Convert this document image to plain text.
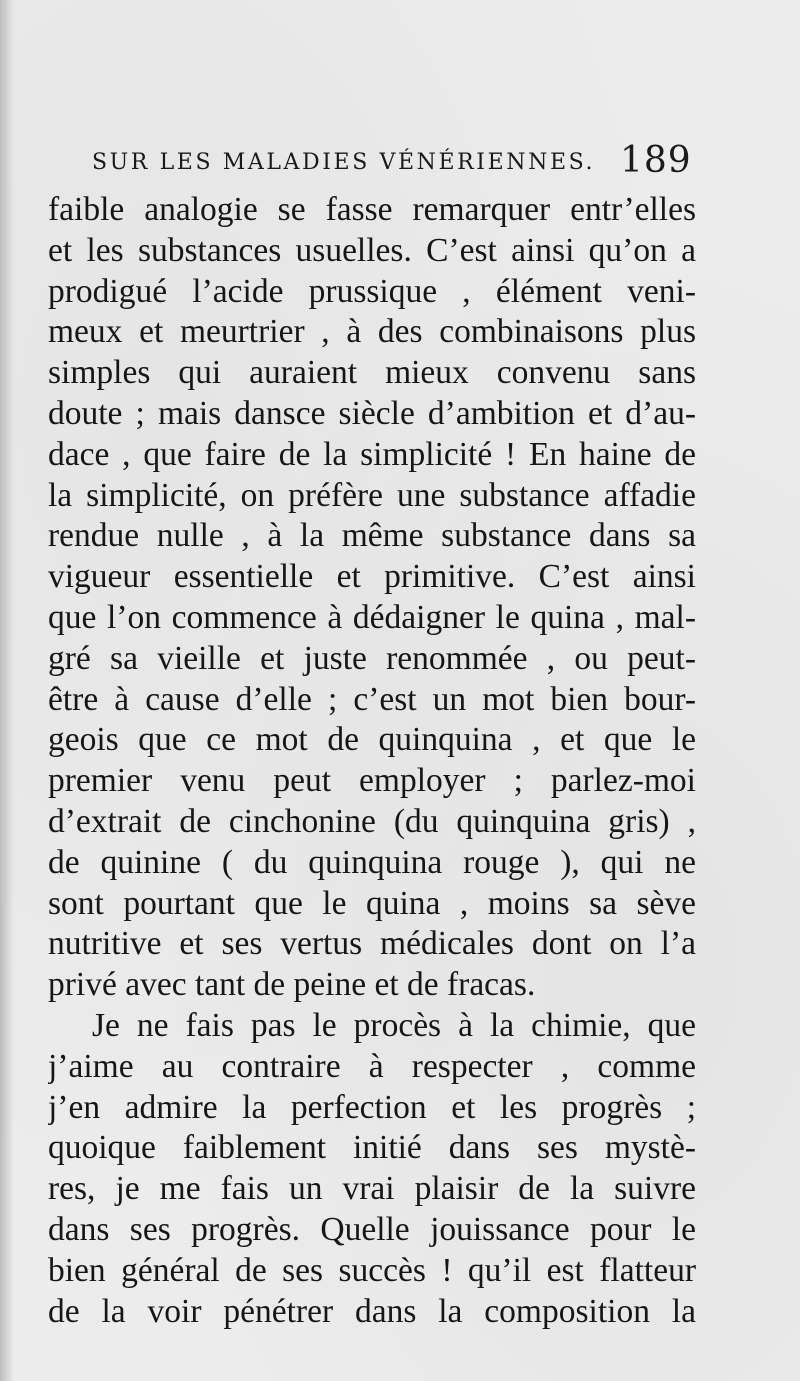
SUR LES MALADIES VÉNÉRIENNES. 189
faible analogie se fasse remarquer entr’elles
et les substances usuelles. C’est ainsi qu’on a
prodigué l’acide prussique , élément veni-
meux et meurtrier , à des combinaisons plus
simples qui auraient mieux convenu sans
doute ; mais dansce siècle d’ambition et d’au-
dace , que faire de la simplicité ! En haine de
la simplicité, on préfère une substance affadie
rendue nulle , à la même substance dans sa
vigueur essentielle et primitive. C’est ainsi
que l’on commence à dédaigner le quina , mal-
gré sa vieille et juste renommée , ou peut-
être à cause d’elle ; c’est un mot bien bour-
geois que ce mot de quinquina , et que le
premier venu peut employer ; parlez-moi
d’extrait de cinchonine (du quinquina gris) ,
de quinine ( du quinquina rouge ), qui ne
sont pourtant que le quina , moins sa sève
nutritive et ses vertus médicales dont on l’a
privé avec tant de peine et de fracas.
Je ne fais pas le procès à la chimie, que
j’aime au contraire à respecter , comme
j’en admire la perfection et les progrès ;
quoique faiblement initié dans ses mystè-
res, je me fais un vrai plaisir de la suivre
dans ses progrès. Quelle jouissance pour le
bien général de ses succès ! qu’il est flatteur
de la voir pénétrer dans la composition la
